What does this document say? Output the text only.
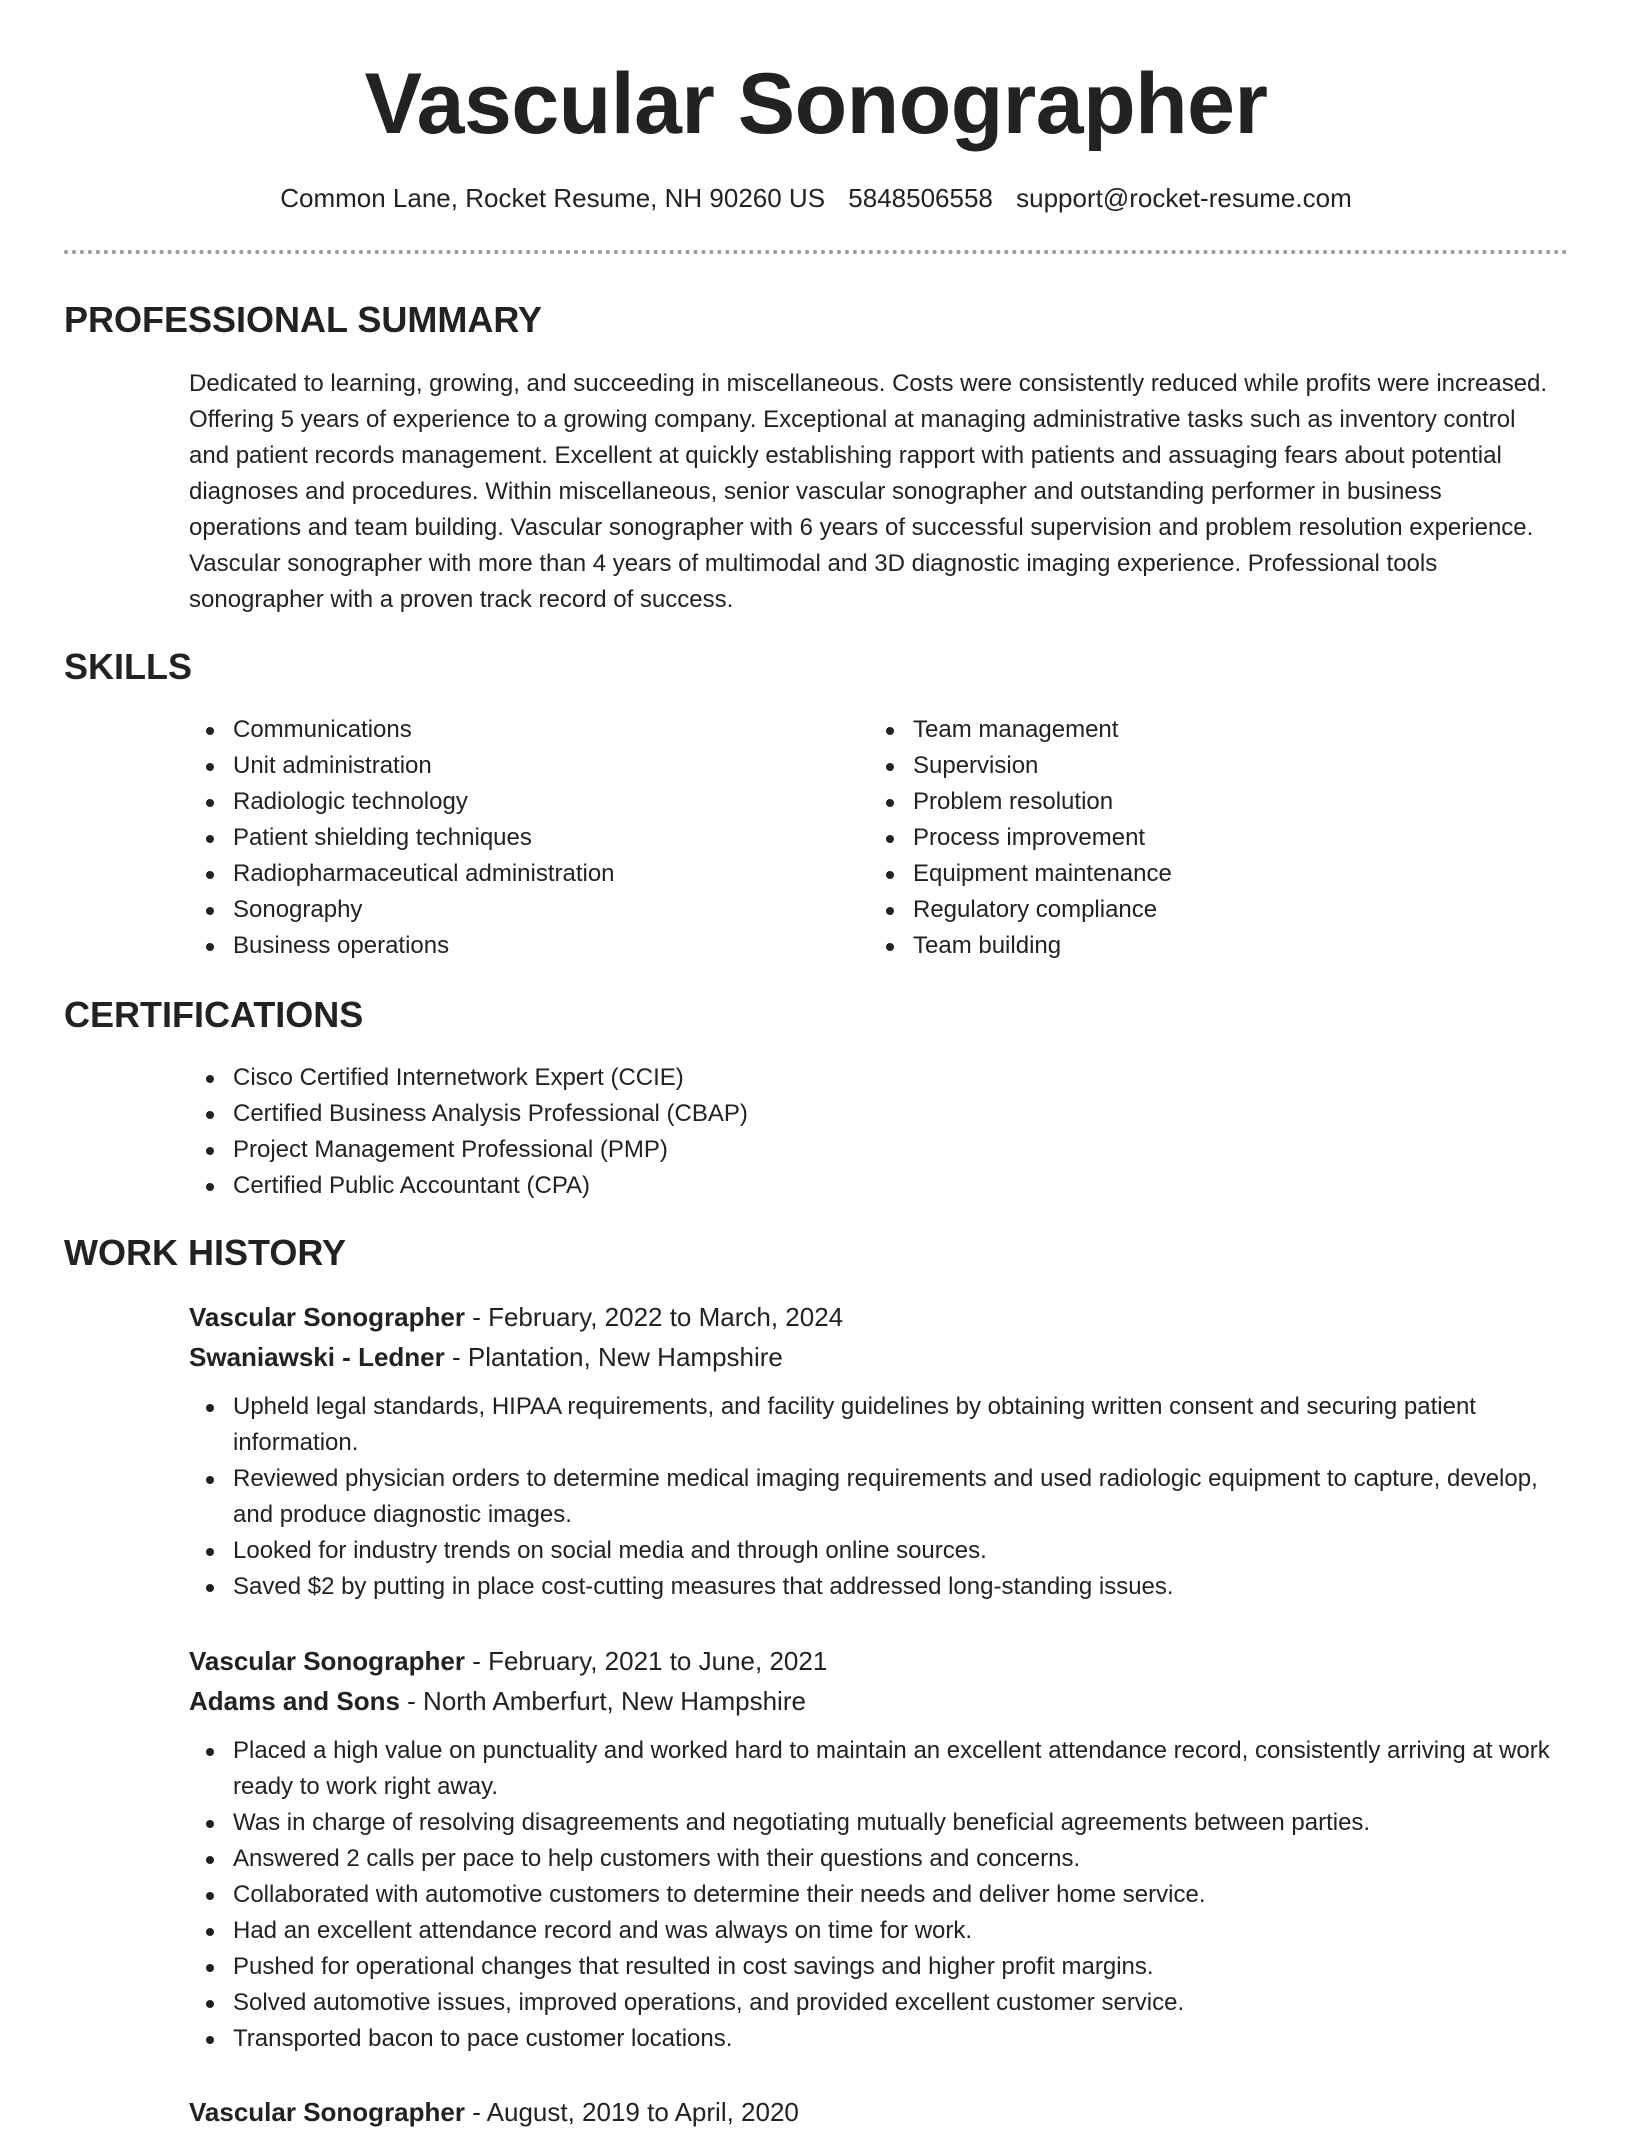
Vascular Sonographer
Common Lane, Rocket Resume, NH 90260 US 5848506558 support@rocket-resume.com
PROFESSIONAL SUMMARY

Dedicated to learning, growing, and succeeding in miscellaneous. Costs were consistently reduced while profits were increased. Offering 5 years of experience to a growing company. Exceptional at managing administrative tasks such as inventory control and patient records management. Excellent at quickly establishing rapport with patients and assuaging fears about potential diagnoses and procedures. Within miscellaneous, senior vascular sonographer and outstanding performer in business operations and team building. Vascular sonographer with 6 years of successful supervision and problem resolution experience. Vascular sonographer with more than 4 years of multimodal and 3D diagnostic imaging experience. Professional tools sonographer with a proven track record of success.

SKILLS
Communications
Unit administration
Radiologic technology
Patient shielding techniques
Radiopharmaceutical administration
Sonography
Business operations
Team management
Supervision
Problem resolution
Process improvement
Equipment maintenance
Regulatory compliance
Team building
CERTIFICATIONS
Cisco Certified Internetwork Expert (CCIE)
Certified Business Analysis Professional (CBAP)
Project Management Professional (PMP)
Certified Public Accountant (CPA)
WORK HISTORY

Vascular Sonographer - February, 2022 to March, 2024

Swaniawski - Ledner - Plantation, New Hampshire

Upheld legal standards, HIPAA requirements, and facility guidelines by obtaining written consent and securing patient information.
Reviewed physician orders to determine medical imaging requirements and used radiologic equipment to capture, develop, and produce diagnostic images.
Looked for industry trends on social media and through online sources.
Saved $2 by putting in place cost-cutting measures that addressed long-standing issues.

Vascular Sonographer - February, 2021 to June, 2021

Adams and Sons - North Amberfurt, New Hampshire

Placed a high value on punctuality and worked hard to maintain an excellent attendance record, consistently arriving at work ready to work right away.
Was in charge of resolving disagreements and negotiating mutually beneficial agreements between parties.
Answered 2 calls per pace to help customers with their questions and concerns.
Collaborated with automotive customers to determine their needs and deliver home service.
Had an excellent attendance record and was always on time for work.
Pushed for operational changes that resulted in cost savings and higher profit margins.
Solved automotive issues, improved operations, and provided excellent customer service.
Transported bacon to pace customer locations.

Vascular Sonographer - August, 2019 to April, 2020
